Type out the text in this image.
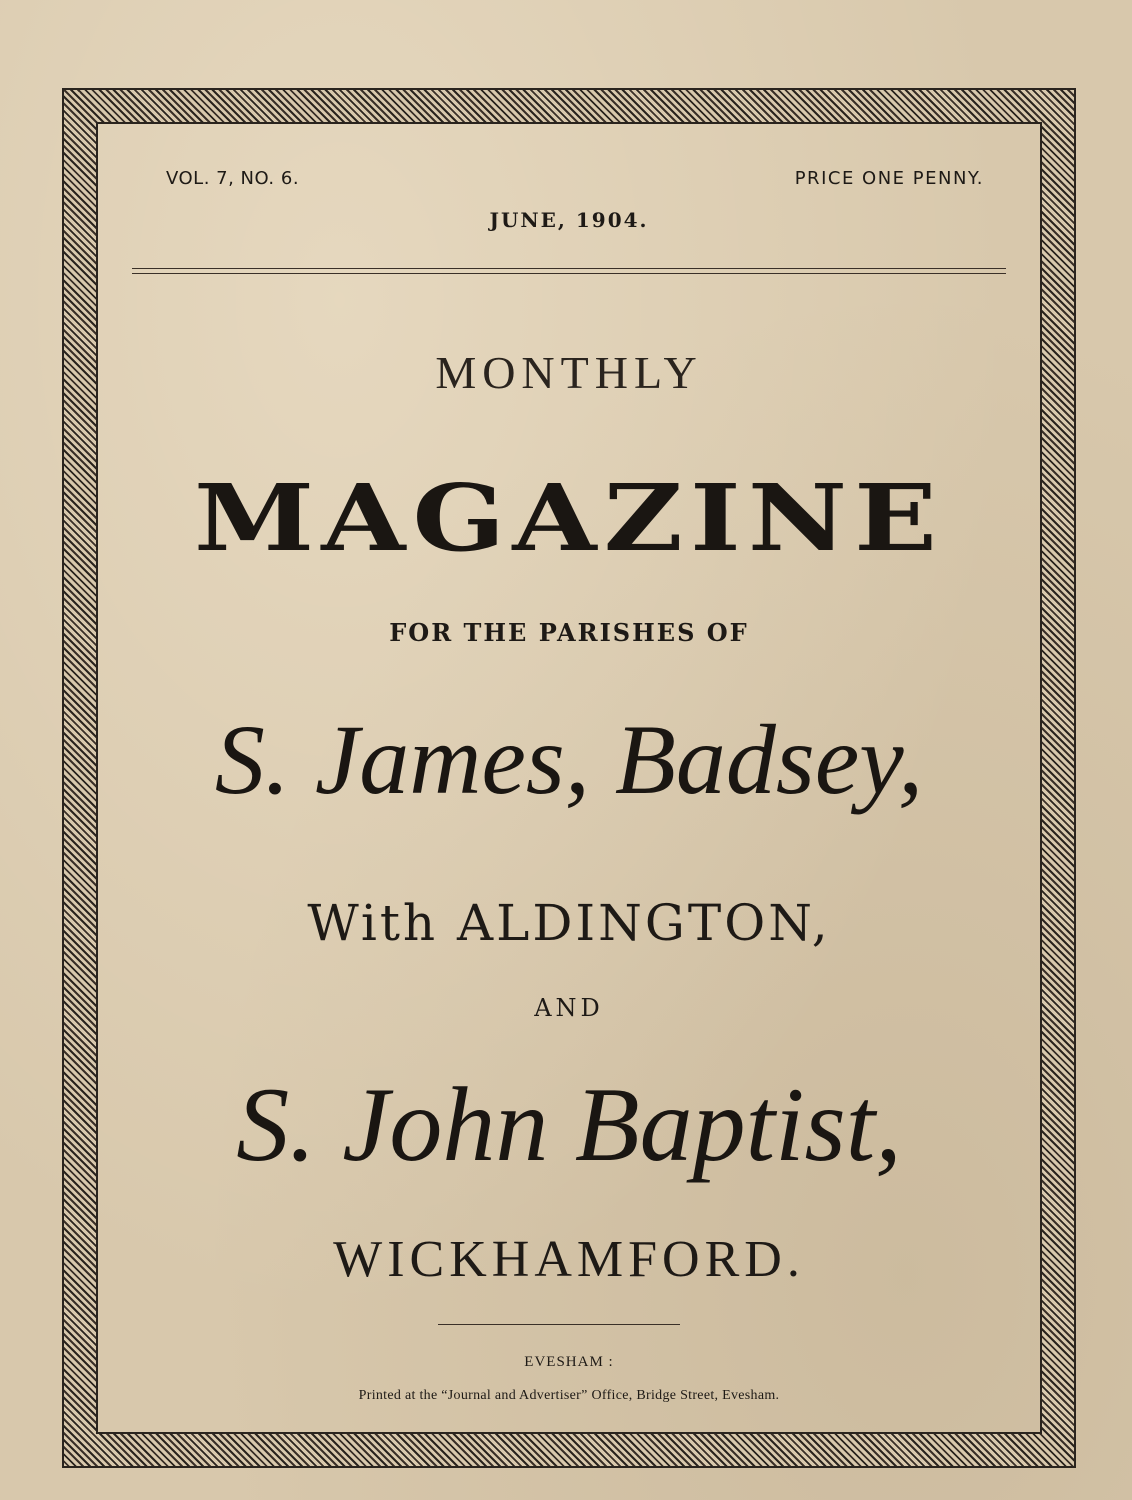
VOL. 7, NO. 6.	PRICE ONE PENNY.
JUNE, 1904.
MONTHLY
MAGAZINE
FOR THE PARISHES OF
S. James, Badsey,
With ALDINGTON,
AND
S. John Baptist,
WICKHAMFORD.
EVESHAM :
Printed at the “Journal and Advertiser” Office, Bridge Street, Evesham.
